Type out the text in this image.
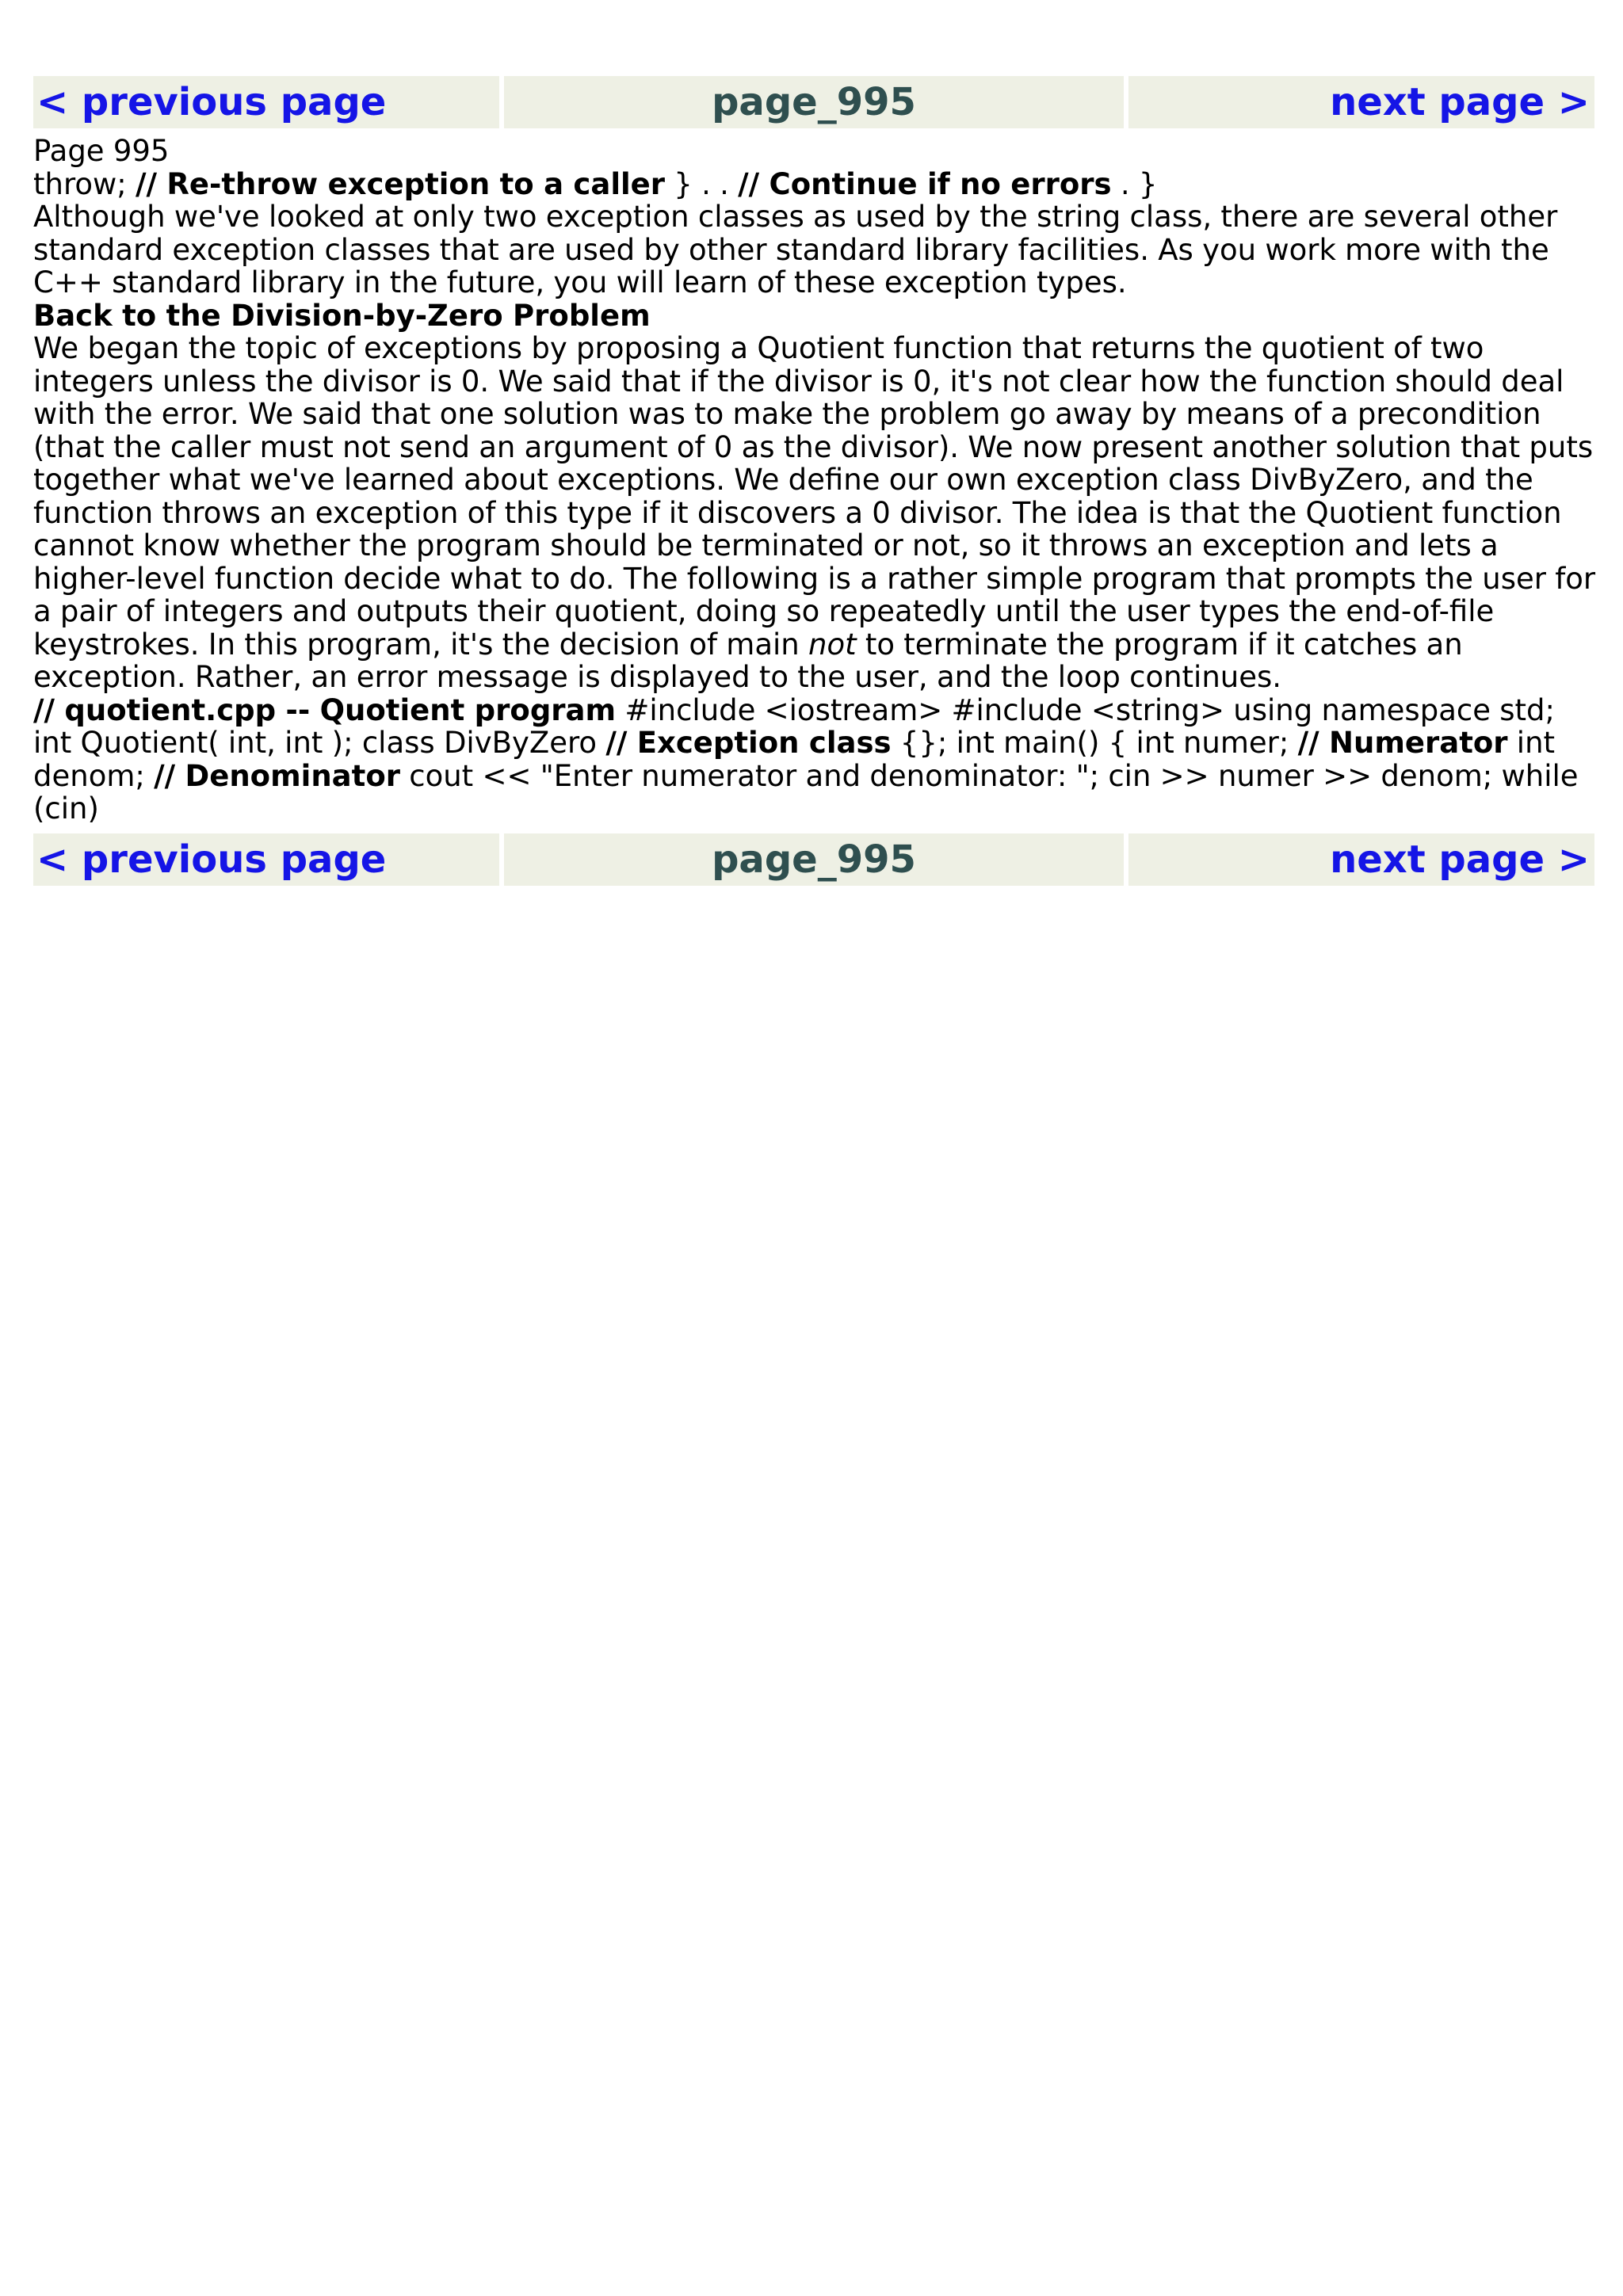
< previous page	page_995	next page >

Page 995

throw; // Re-throw exception to a caller } . . // Continue if no errors . }

Although we've looked at only two exception classes as used by the string class, there are several other standard exception classes that are used by other standard library facilities. As you work more with the C++ standard library in the future, you will learn of these exception types.

Back to the Division-by-Zero Problem

We began the topic of exceptions by proposing a Quotient function that returns the quotient of two integers unless the divisor is 0. We said that if the divisor is 0, it's not clear how the function should deal with the error. We said that one solution was to make the problem go away by means of a precondition (that the caller must not send an argument of 0 as the divisor). We now present another solution that puts together what we've learned about exceptions. We define our own exception class DivByZero, and the function throws an exception of this type if it discovers a 0 divisor. The idea is that the Quotient function cannot know whether the program should be terminated or not, so it throws an exception and lets a higher-level function decide what to do. The following is a rather simple program that prompts the user for a pair of integers and outputs their quotient, doing so repeatedly until the user types the end-of-file keystrokes. In this program, it's the decision of main not to terminate the program if it catches an exception. Rather, an error message is displayed to the user, and the loop continues.

// quotient.cpp -- Quotient program #include <iostream> #include <string> using namespace std; int Quotient( int, int ); class DivByZero // Exception class {}; int main() { int numer; // Numerator int denom; // Denominator cout << "Enter numerator and denominator: "; cin >> numer >> denom; while (cin)

< previous page	page_995	next page >
